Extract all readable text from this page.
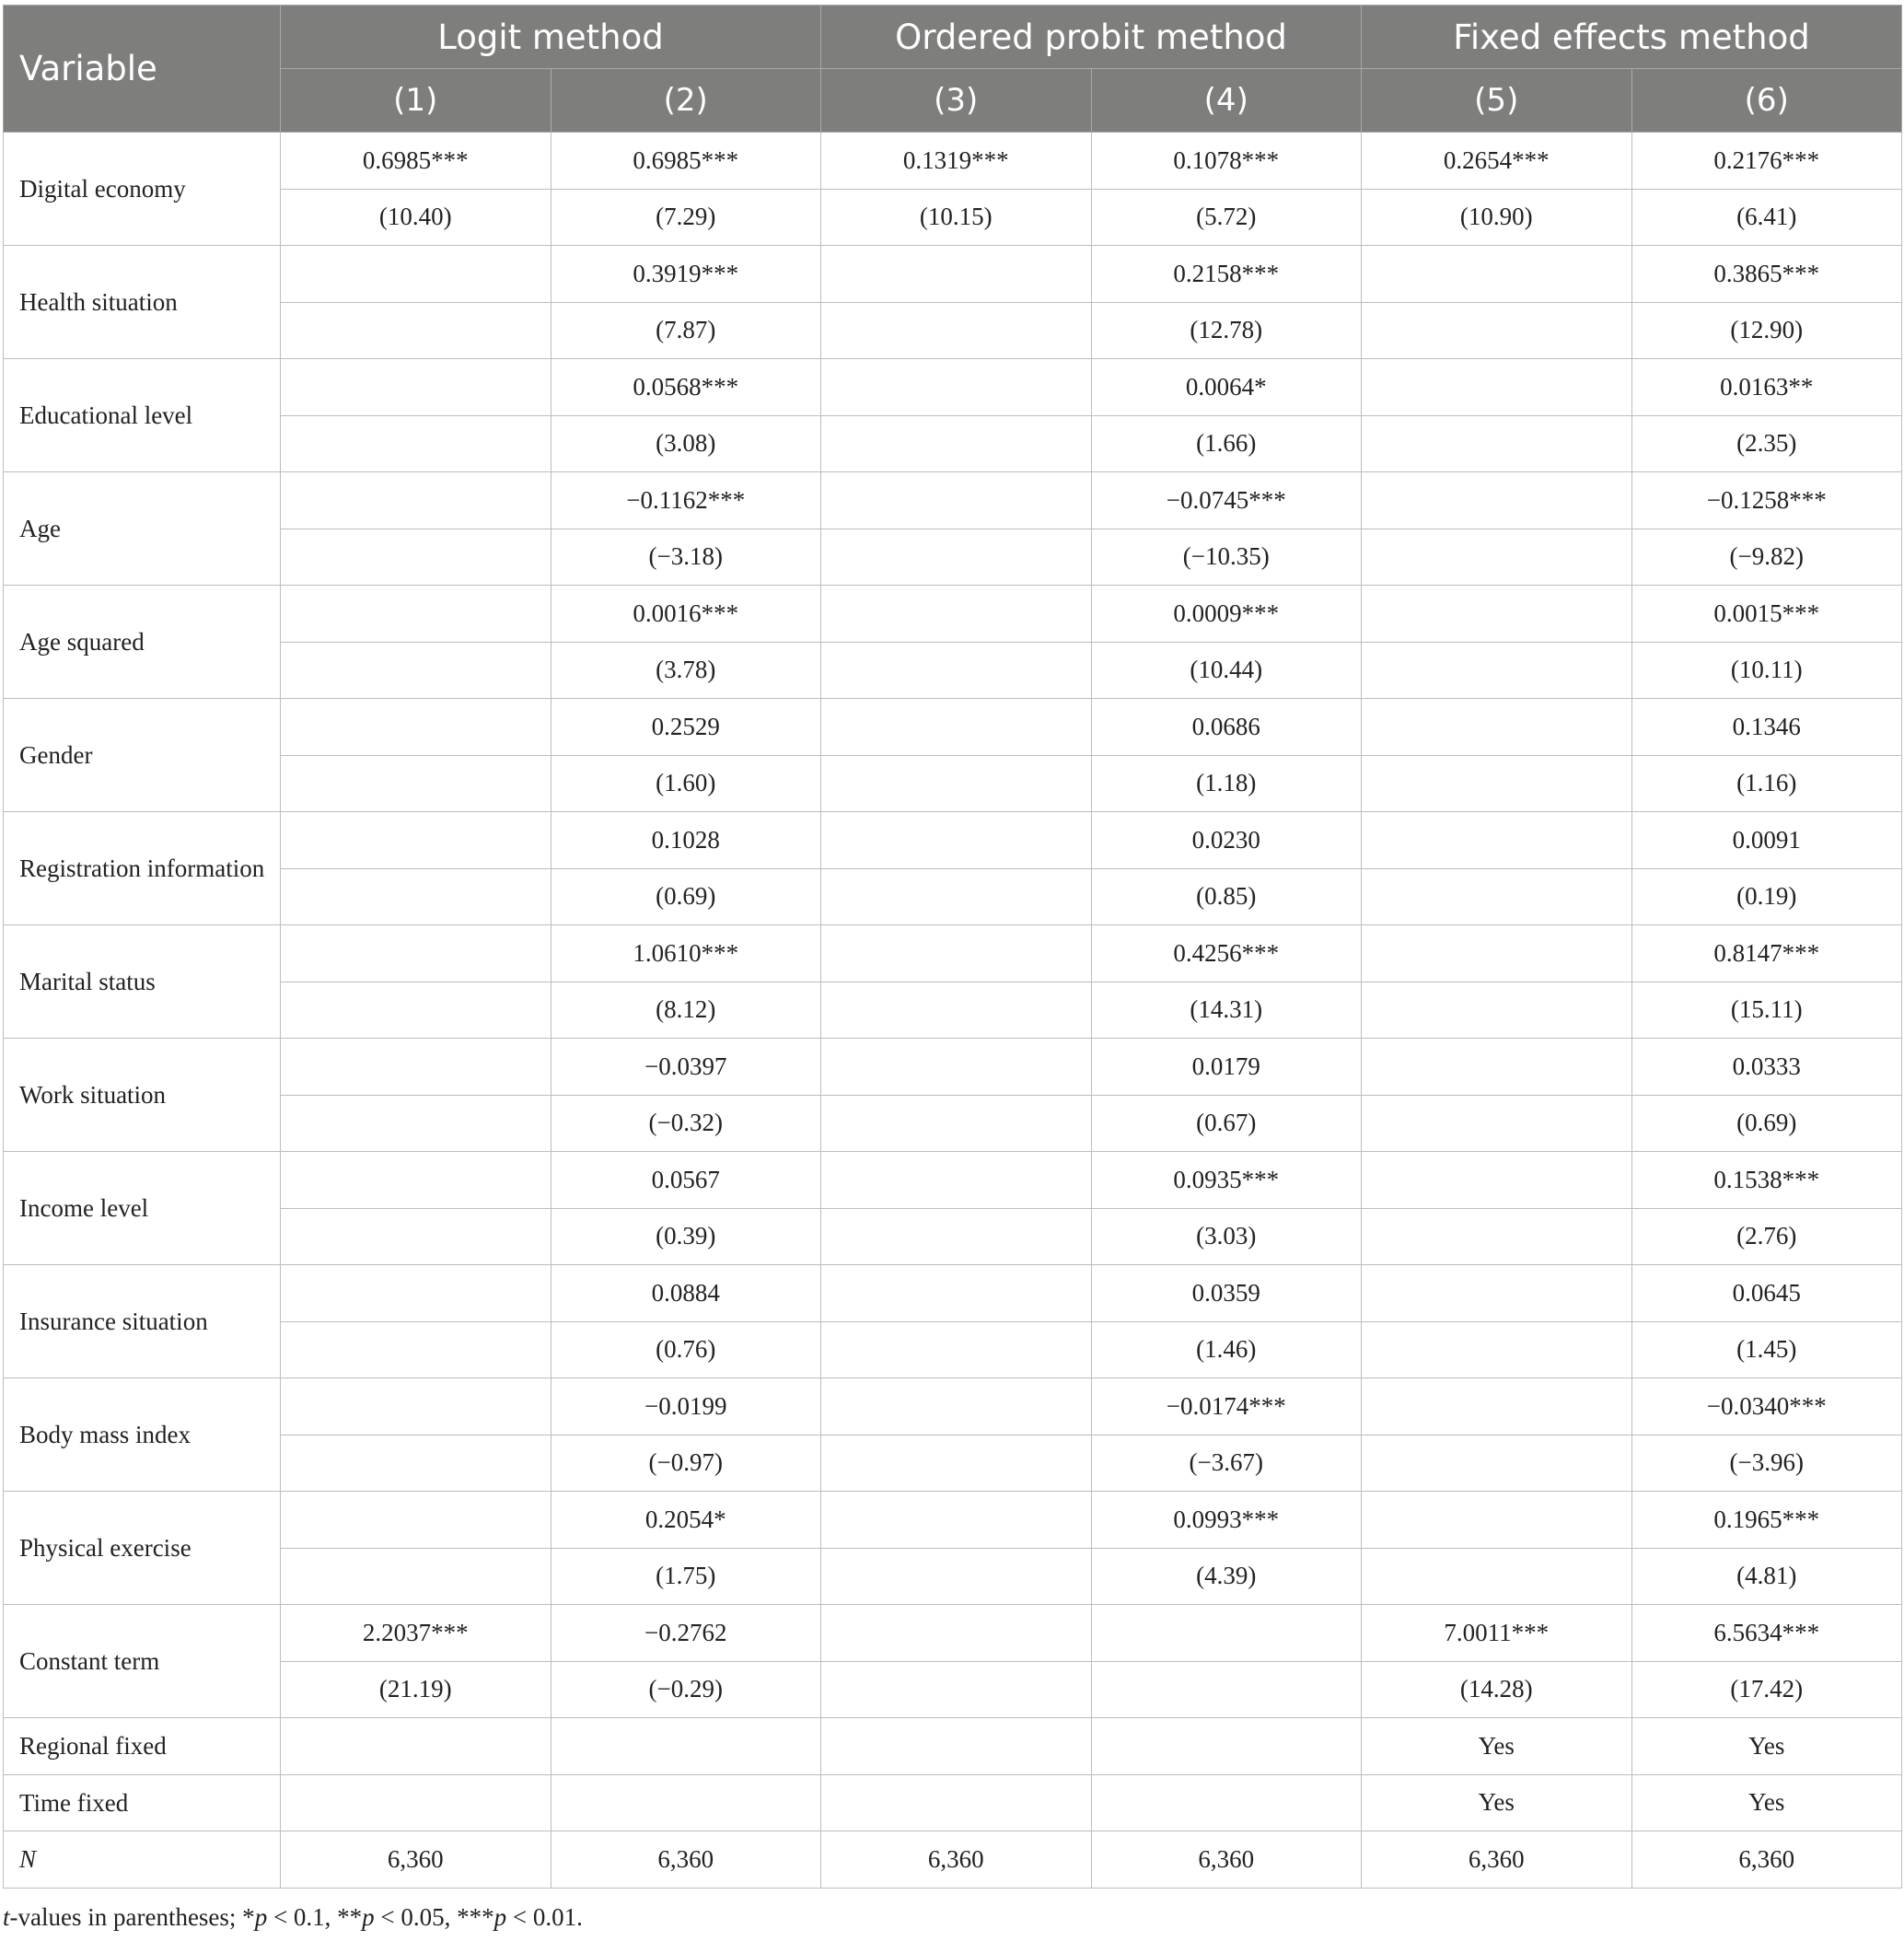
Variable	Logit method		Ordered probit method		Fixed effects method	
	(1)	(2)	(3)	(4)	(5)	(6)
Digital economy	0.6985***	0.6985***	0.1319***	0.1078***	0.2654***	0.2176***
	(10.40)	(7.29)	(10.15)	(5.72)	(10.90)	(6.41)
Health situation		0.3919***		0.2158***		0.3865***
		(7.87)		(12.78)		(12.90)
Educational level		0.0568***		0.0064*		0.0163**
		(3.08)		(1.66)		(2.35)
Age		−0.1162***		−0.0745***		−0.1258***
		(−3.18)		(−10.35)		(−9.82)
Age squared		0.0016***		0.0009***		0.0015***
		(3.78)		(10.44)		(10.11)
Gender		0.2529		0.0686		0.1346
		(1.60)		(1.18)		(1.16)
Registration information		0.1028		0.0230		0.0091
		(0.69)		(0.85)		(0.19)
Marital status		1.0610***		0.4256***		0.8147***
		(8.12)		(14.31)		(15.11)
Work situation		−0.0397		0.0179		0.0333
		(−0.32)		(0.67)		(0.69)
Income level		0.0567		0.0935***		0.1538***
		(0.39)		(3.03)		(2.76)
Insurance situation		0.0884		0.0359		0.0645
		(0.76)		(1.46)		(1.45)
Body mass index		−0.0199		−0.0174***		−0.0340***
		(−0.97)		(−3.67)		(−3.96)
Physical exercise		0.2054*		0.0993***		0.1965***
		(1.75)		(4.39)		(4.81)
Constant term	2.2037***	−0.2762			7.0011***	6.5634***
	(21.19)	(−0.29)			(14.28)	(17.42)
Regional fixed					Yes	Yes
Time fixed					Yes	Yes
N	6,360	6,360	6,360	6,360	6,360	6,360
t-values in parentheses; *p < 0.1, **p < 0.05, ***p < 0.01.
